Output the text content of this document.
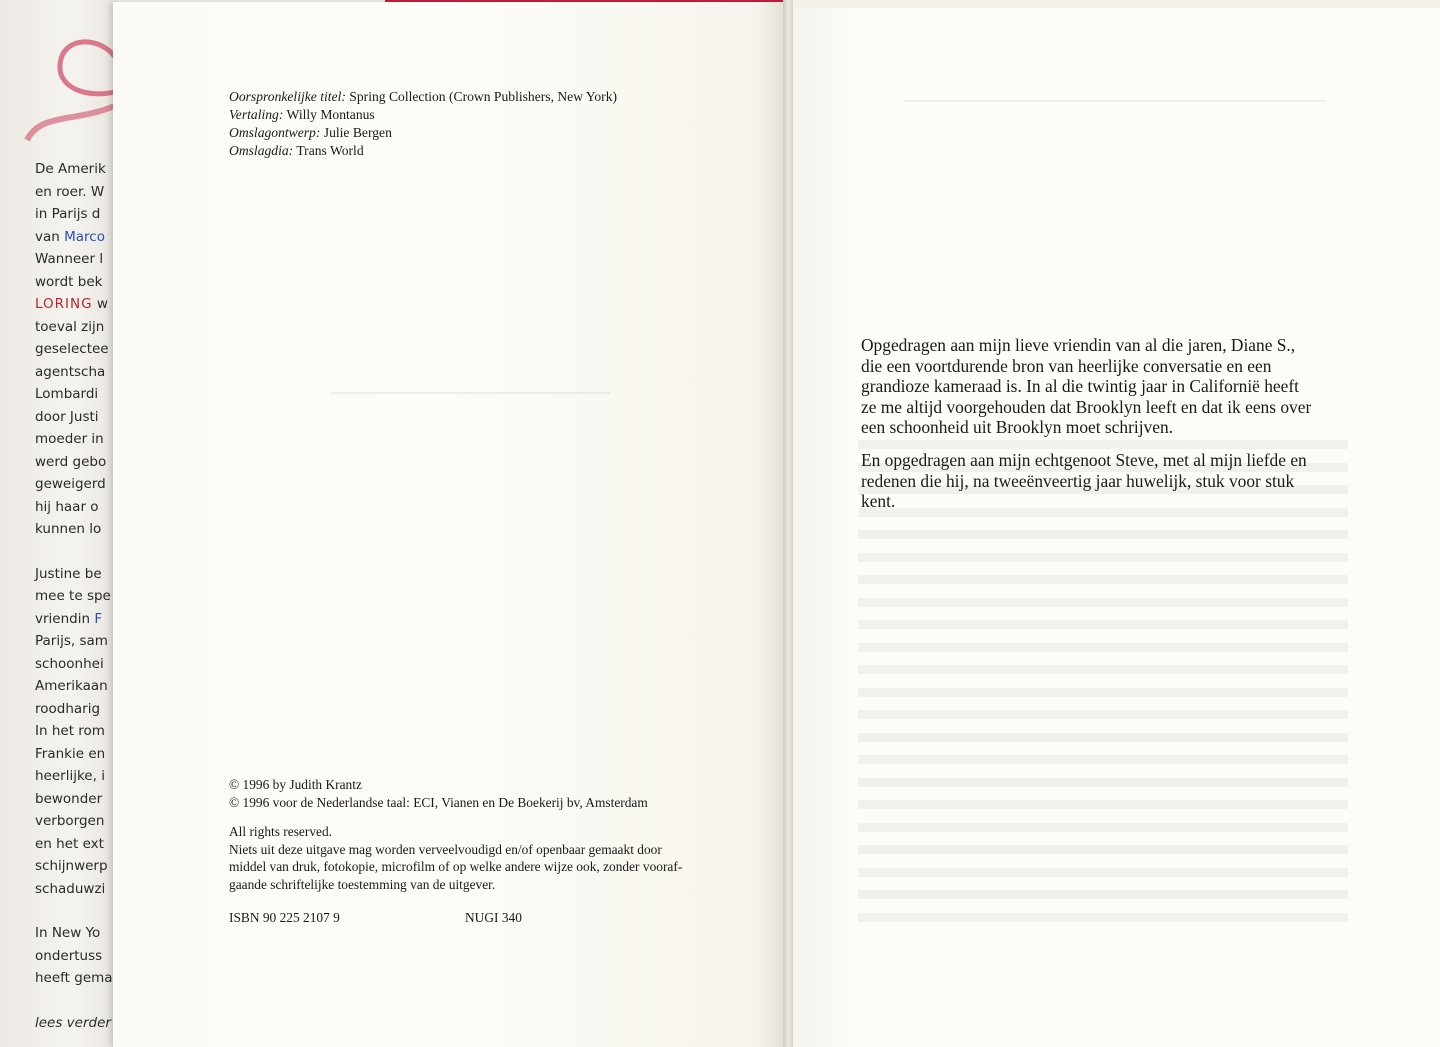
De Amerik
en roer. W
in Parijs d
van Marco
Wanneer l
wordt bek
LORING w
toeval zijn
geselectee
agentscha
Lombardi
door Justi
moeder in
werd gebo
geweigerd
hij haar o
kunnen lo
Justine be
mee te spe
vriendin F
Parijs, sam
schoonhei
Amerikaan
roodharig
In het rom
Frankie en
heerlijke, i
bewonder
verborgen
en het ext
schijnwerp
schaduwzi
In New Yo
ondertuss
heeft gema
lees verder
Oorspronkelijke titel: Spring Collection (Crown Publishers, New York)
Vertaling: Willy Montanus
Omslagontwerp: Julie Bergen
Omslagdia: Trans World
© 1996 by Judith Krantz
© 1996 voor de Nederlandse taal: ECI, Vianen en De Boekerij bv, Amsterdam
All rights reserved.
Niets uit deze uitgave mag worden verveelvoudigd en/of openbaar gemaakt door
middel van druk, fotokopie, microfilm of op welke andere wijze ook, zonder vooraf-
gaande schriftelijke toestemming van de uitgever.
ISBN 90 225 2107 9	NUGI 340

Opgedragen aan mijn lieve vriendin van al die jaren, Diane S.,
die een voortdurende bron van heerlijke conversatie en een
grandioze kameraad is. In al die twintig jaar in Californië heeft
ze me altijd voorgehouden dat Brooklyn leeft en dat ik eens over
een schoonheid uit Brooklyn moet schrijven.

En opgedragen aan mijn echtgenoot Steve, met al mijn liefde en
redenen die hij, na tweeënveertig jaar huwelijk, stuk voor stuk
kent.
